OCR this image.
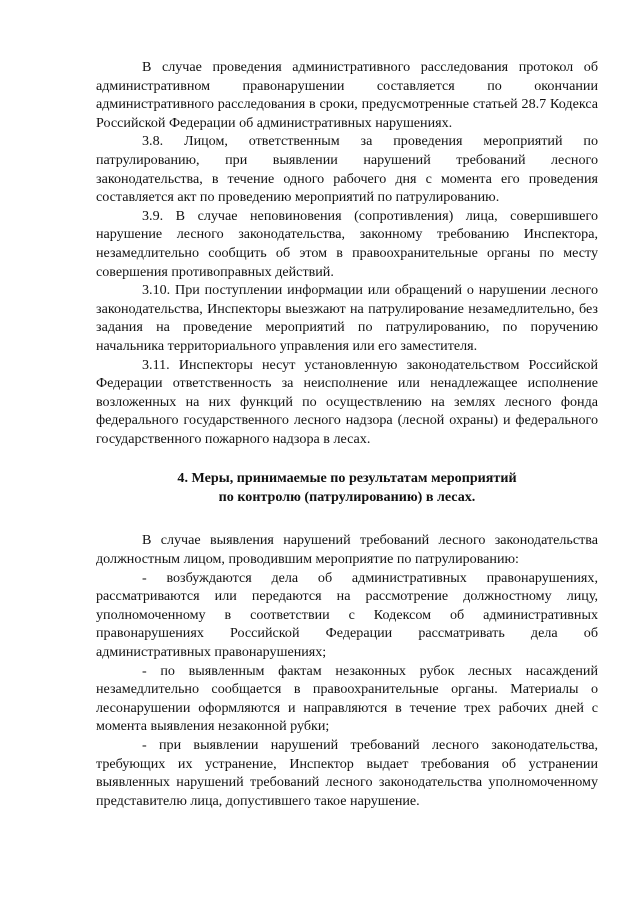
В случае проведения административного расследования протокол об административном правонарушении составляется по окончании административного расследования в сроки, предусмотренные статьей 28.7 Кодекса Российской Федерации об административных нарушениях.

3.8. Лицом, ответственным за проведения мероприятий по патрулированию, при выявлении нарушений требований лесного законодательства, в течение одного рабочего дня с момента его проведения составляется акт по проведению мероприятий по патрулированию.

3.9. В случае неповиновения (сопротивления) лица, совершившего нарушение лесного законодательства, законному требованию Инспектора, незамедлительно сообщить об этом в правоохранительные органы по месту совершения противоправных действий.

3.10. При поступлении информации или обращений о нарушении лесного законодательства, Инспекторы выезжают на патрулирование незамедлительно, без задания на проведение мероприятий по патрулированию, по поручению начальника территориального управления или его заместителя.

3.11. Инспекторы несут установленную законодательством Российской Федерации ответственность за неисполнение или ненадлежащее исполнение возложенных на них функций по осуществлению на землях лесного фонда федерального государственного лесного надзора (лесной охраны) и федерального государственного пожарного надзора в лесах.

4. Меры, принимаемые по результатам мероприятий
по контролю (патрулированию) в лесах.

В случае выявления нарушений требований лесного законодательства должностным лицом, проводившим мероприятие по патрулированию:

- возбуждаются дела об административных правонарушениях, рассматриваются или передаются на рассмотрение должностному лицу, уполномоченному в соответствии с Кодексом об административных правонарушениях Российской Федерации рассматривать дела об административных правонарушениях;

- по выявленным фактам незаконных рубок лесных насаждений незамедлительно сообщается в правоохранительные органы. Материалы о лесонарушении оформляются и направляются в течение трех рабочих дней с момента выявления незаконной рубки;

- при выявлении нарушений требований лесного законодательства, требующих их устранение, Инспектор выдает требования об устранении выявленных нарушений требований лесного законодательства уполномоченному представителю лица, допустившего такое нарушение.
